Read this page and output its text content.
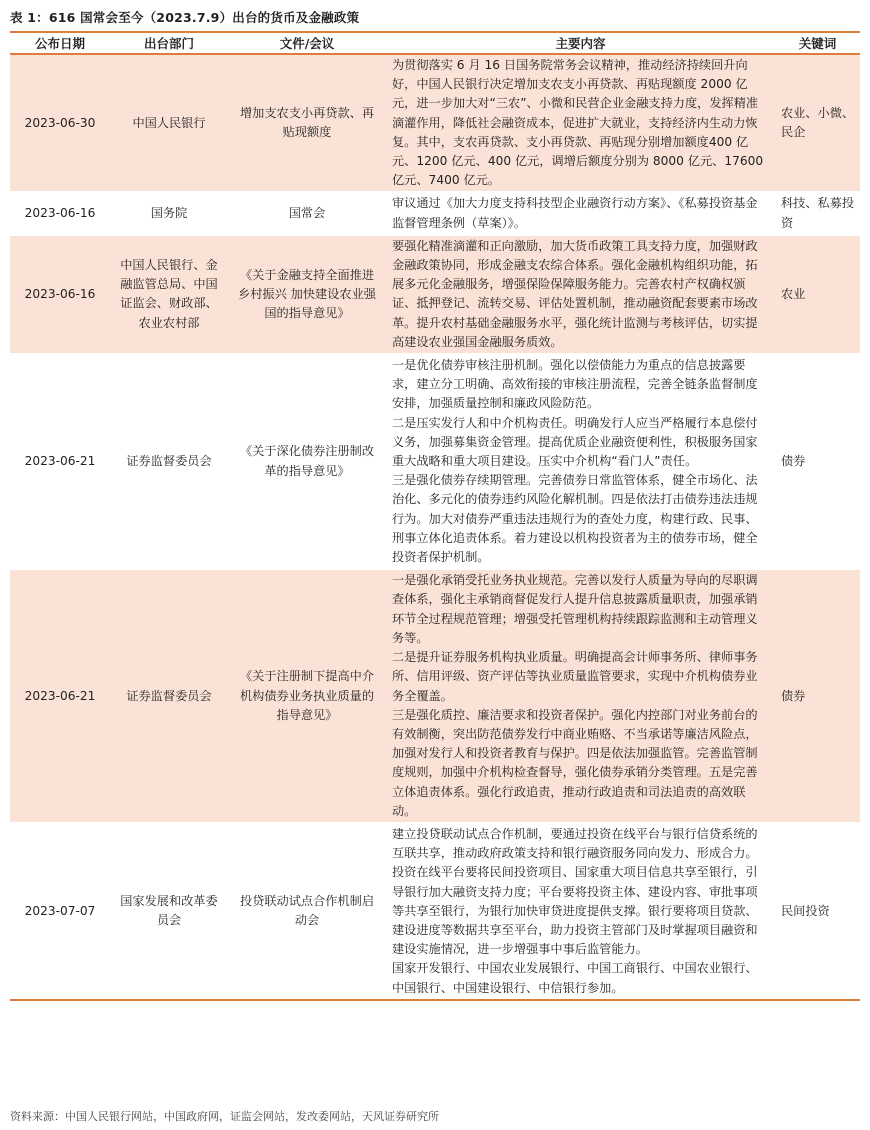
表 1：616 国常会至今（2023.7.9）出台的货币及金融政策
公布日期	出台部门	文件/会议	主要内容	关键词
2023-06-30	中国人民银行	增加支农支小再贷款、再贴现额度	为贯彻落实 6 月 16 日国务院常务会议精神，推动经济持续回升向好，中国人民银行决定增加支农支小再贷款、再贴现额度 2000 亿元，进一步加大对“三农”、小微和民营企业金融支持力度，发挥精准滴灌作用，降低社会融资成本，促进扩大就业，支持经济内生动力恢复。其中，支农再贷款、支小再贷款、再贴现分别增加额度400 亿元、1200 亿元、400 亿元，调增后额度分别为 8000 亿元、17600 亿元、7400 亿元。	农业、小微、民企
2023-06-16	国务院	国常会	审议通过《加大力度支持科技型企业融资行动方案》、《私募投资基金监督管理条例（草案）》。	科技、私募投资
2023-06-16	中国人民银行、金融监管总局、中国证监会、财政部、 农业农村部	《关于金融支持全面推进乡村振兴 加快建设农业强国的指导意见》	要强化精准滴灌和正向激励，加大货币政策工具支持力度，加强财政金融政策协同，形成金融支农综合体系。强化金融机构组织功能，拓展多元化金融服务，增强保险保障服务能力。完善农村产权确权颁证、抵押登记、流转交易、评估处置机制，推动融资配套要素市场改革。提升农村基础金融服务水平，强化统计监测与考核评估，切实提高建设农业强国金融服务质效。	农业
2023-06-21	证券监督委员会	《关于深化债券注册制改革的指导意见》	一是优化债券审核注册机制。强化以偿债能力为重点的信息披露要求，建立分工明确、高效衔接的审核注册流程，完善全链条监督制度安排，加强质量控制和廉政风险防范。
二是压实发行人和中介机构责任。明确发行人应当严格履行本息偿付义务，加强募集资金管理。提高优质企业融资便利性，积极服务国家重大战略和重大项目建设。压实中介机构“看门人”责任。
三是强化债券存续期管理。完善债券日常监管体系，健全市场化、法治化、多元化的债券违约风险化解机制。四是依法打击债券违法违规行为。加大对债券严重违法违规行为的查处力度，构建行政、民事、刑事立体化追责体系。着力建设以机构投资者为主的债券市场，健全投资者保护机制。	债券
2023-06-21	证券监督委员会	《关于注册制下提高中介机构债券业务执业质量的指导意见》	一是强化承销受托业务执业规范。完善以发行人质量为导向的尽职调查体系，强化主承销商督促发行人提升信息披露质量职责，加强承销环节全过程规范管理；增强受托管理机构持续跟踪监测和主动管理义务等。
二是提升证券服务机构执业质量。明确提高会计师事务所、律师事务所、信用评级、资产评估等执业质量监管要求，实现中介机构债券业务全覆盖。
三是强化质控、廉洁要求和投资者保护。强化内控部门对业务前台的有效制衡，突出防范债券发行中商业贿赂、不当承诺等廉洁风险点，加强对发行人和投资者教育与保护。四是依法加强监管。完善监管制度规则，加强中介机构检查督导，强化债券承销分类管理。五是完善立体追责体系。强化行政追责，推动行政追责和司法追责的高效联动。	债券
2023-07-07	国家发展和改革委员会	投贷联动试点合作机制启动会	建立投贷联动试点合作机制，要通过投资在线平台与银行信贷系统的互联共享，推动政府政策支持和银行融资服务同向发力、形成合力。投资在线平台要将民间投资项目、国家重大项目信息共享至银行，引导银行加大融资支持力度；平台要将投资主体、建设内容、审批事项等共享至银行，为银行加快审贷进度提供支撑。银行要将项目贷款、建设进度等数据共享至平台，助力投资主管部门及时掌握项目融资和建设实施情况，进一步增强事中事后监管能力。
国家开发银行、中国农业发展银行、中国工商银行、中国农业银行、中国银行、中国建设银行、中信银行参加。	民间投资
资料来源：中国人民银行网站，中国政府网，证监会网站，发改委网站，天风证券研究所
